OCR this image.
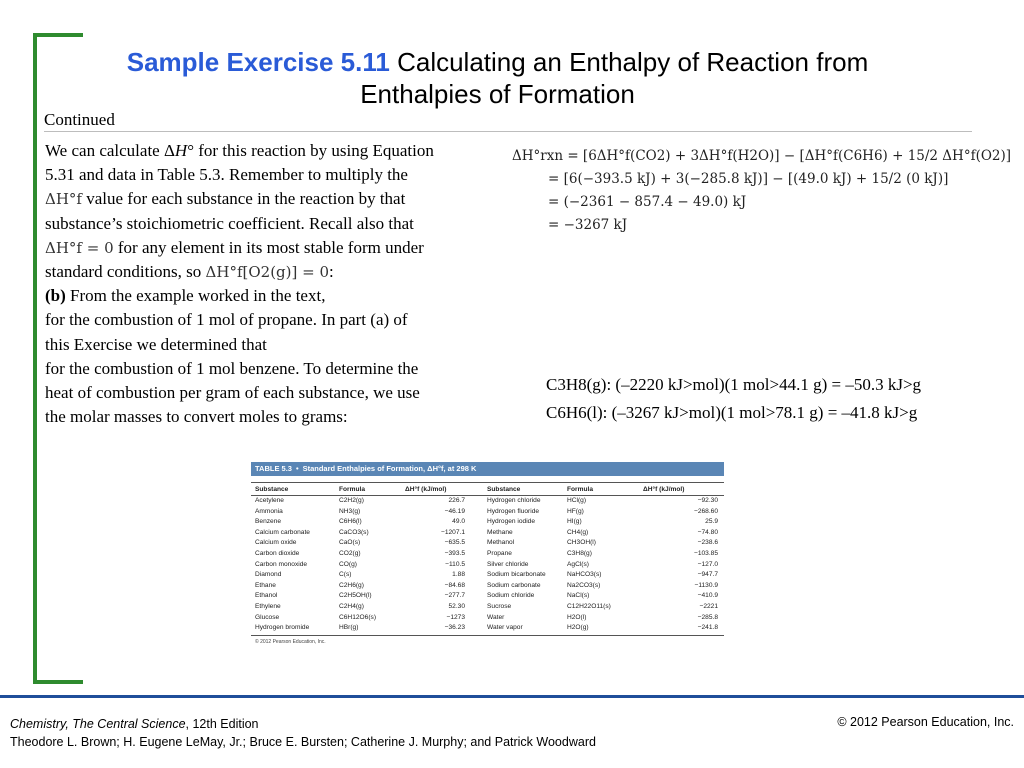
Sample Exercise 5.11 Calculating an Enthalpy of Reaction from
Enthalpies of Formation
Continued
We can calculate ΔH° for this reaction by using Equation
5.31 and data in Table 5.3. Remember to multiply the
ΔH°f value for each substance in the reaction by that
substance’s stoichiometric coefficient. Recall also that
ΔH°f = 0 for any element in its most stable form under
standard conditions, so ΔH°f[O2(g)] = 0:
(b) From the example worked in the text,
for the combustion of 1 mol of propane. In part (a) of
this Exercise we determined that
for the combustion of 1 mol benzene. To determine the
heat of combustion per gram of each substance, we use
the molar masses to convert moles to grams:
ΔH°rxn = [6ΔH°f(CO2) + 3ΔH°f(H2O)] − [ΔH°f(C6H6) + 15/2 ΔH°f(O2)]
= [6(−393.5 kJ) + 3(−285.8 kJ)] − [(49.0 kJ) + 15/2 (0 kJ)]
= (−2361 − 857.4 − 49.0) kJ
= −3267 kJ
C3H8(g): (–2220 kJ>mol)(1 mol>44.1 g) = –50.3 kJ>g
C6H6(l): (–3267 kJ>mol)(1 mol>78.1 g) = –41.8 kJ>g
TABLE 5.3 • Standard Enthalpies of Formation, ΔH°f, at 298 K
Substance	Formula	ΔH°f (kJ/mol)	Substance	Formula	ΔH°f (kJ/mol)
Acetylene	C2H2(g)	226.7	Hydrogen chloride	HCl(g)	−92.30
Ammonia	NH3(g)	−46.19	Hydrogen fluoride	HF(g)	−268.60
Benzene	C6H6(l)	49.0	Hydrogen iodide	HI(g)	25.9
Calcium carbonate	CaCO3(s)	−1207.1	Methane	CH4(g)	−74.80
Calcium oxide	CaO(s)	−635.5	Methanol	CH3OH(l)	−238.6
Carbon dioxide	CO2(g)	−393.5	Propane	C3H8(g)	−103.85
Carbon monoxide	CO(g)	−110.5	Silver chloride	AgCl(s)	−127.0
Diamond	C(s)	1.88	Sodium bicarbonate	NaHCO3(s)	−947.7
Ethane	C2H6(g)	−84.68	Sodium carbonate	Na2CO3(s)	−1130.9
Ethanol	C2H5OH(l)	−277.7	Sodium chloride	NaCl(s)	−410.9
Ethylene	C2H4(g)	52.30	Sucrose	C12H22O11(s)	−2221
Glucose	C6H12O6(s)	−1273	Water	H2O(l)	−285.8
Hydrogen bromide	HBr(g)	−36.23	Water vapor	H2O(g)	−241.8
© 2012 Pearson Education, Inc.
Chemistry, The Central Science, 12th Edition
Theodore L. Brown; H. Eugene LeMay, Jr.; Bruce E. Bursten; Catherine J. Murphy; and Patrick Woodward
© 2012 Pearson Education, Inc.
